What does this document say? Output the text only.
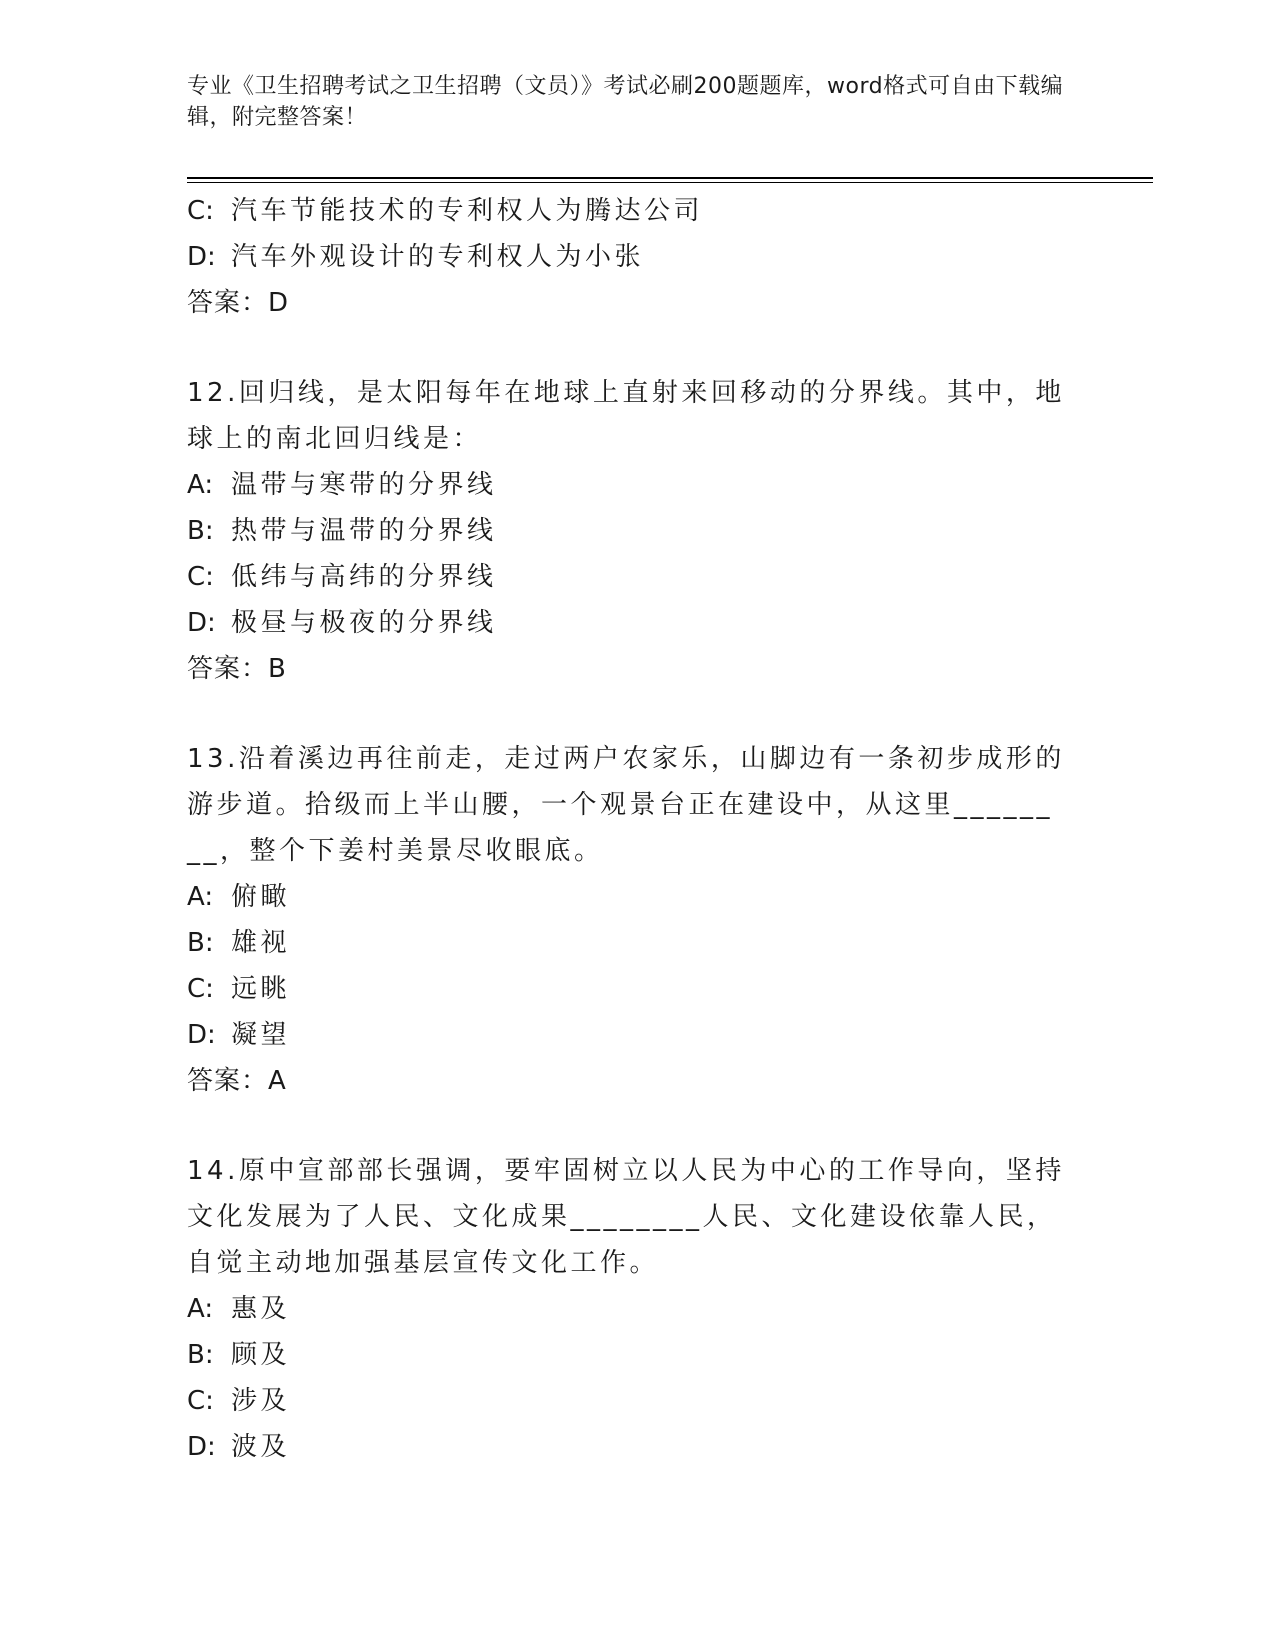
专业《卫生招聘考试之卫生招聘（文员）》考试必刷200题题库，word格式可自由下载编辑，附完整答案！
C: 汽车节能技术的专利权人为腾达公司
D: 汽车外观设计的专利权人为小张
答案：D
12.回归线，是太阳每年在地球上直射来回移动的分界线。其中，地球上的南北回归线是：
A: 温带与寒带的分界线
B: 热带与温带的分界线
C: 低纬与高纬的分界线
D: 极昼与极夜的分界线
答案：B
13.沿着溪边再往前走，走过两户农家乐，山脚边有一条初步成形的游步道。拾级而上半山腰，一个观景台正在建设中，从这里________，整个下姜村美景尽收眼底。
A: 俯瞰
B: 雄视
C: 远眺
D: 凝望
答案：A
14.原中宣部部长强调，要牢固树立以人民为中心的工作导向，坚持文化发展为了人民、文化成果________人民、文化建设依靠人民，自觉主动地加强基层宣传文化工作。
A: 惠及
B: 顾及
C: 涉及
D: 波及
